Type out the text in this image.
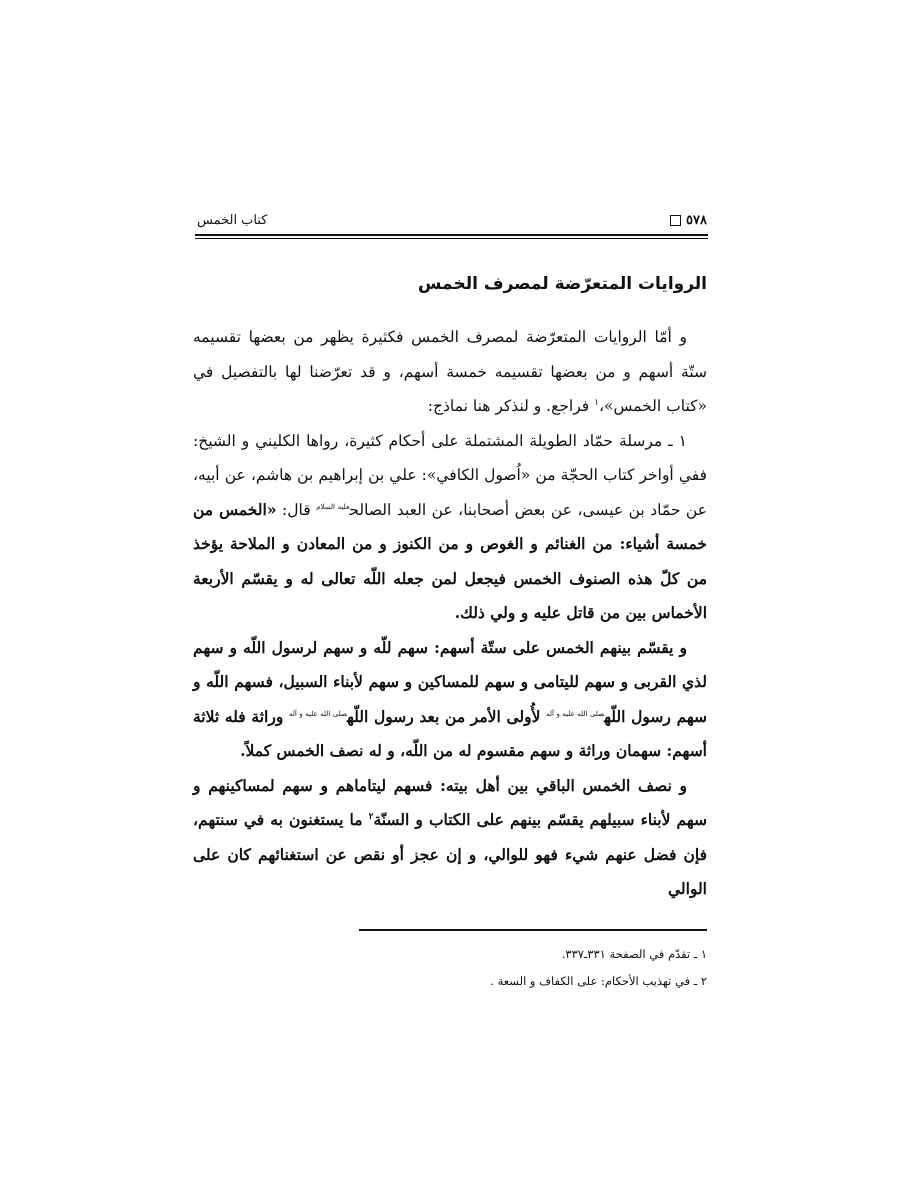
٥٧٨
كتاب الخمس
الروايات المتعرّضة لمصرف الخمس

و أمّا الروايات المتعرّضة لمصرف الخمس فكثيرة يظهر من بعضها تقسيمه ستّة أسهم و من بعضها تقسيمه خمسة أسهم، و قد تعرّضنا لها بالتفصيل في «كتاب الخمس»،$^١$ فراجع. و لنذكر هنا نماذج:

١ ـ مرسلة حمّاد الطويلة المشتملة على أحكام كثيرة، رواها الكليني و الشيخ: ففي أواخر كتاب الحجّة من «اُصول الكافي»: علي بن إبراهيم بن هاشم، عن أبيه، عن حمّاد بن عيسى، عن بعض أصحابنا، عن العبد الصالح$^{عليه السلام}$ قال: «الخمس من خمسة أشياء: من الغنائم و الغوص و من الكنوز و من المعادن و الملاحة يؤخذ من كلّ هذه الصنوف الخمس فيجعل لمن جعله اللّه تعالى له و يقسّم الأربعة الأخماس بين من قاتل عليه و ولي ذلك.

و يقسّم بينهم الخمس على ستّة أسهم: سهم للّه و سهم لرسول اللّه و سهم لذي القربى و سهم لليتامى و سهم للمساكين و سهم لأبناء السبيل، فسهم اللّه و سهم رسول اللّه$^{صلى الله عليه و آله}$ لأُولى الأمر من بعد رسول اللّه$^{صلى الله عليه و آله}$ وراثة فله ثلاثة أسهم: سهمان وراثة و سهم مقسوم له من اللّه، و له نصف الخمس كملاً.

و نصف الخمس الباقي بين أهل بيته: فسهم ليتاماهم و سهم لمساكينهم و سهم لأبناء سبيلهم يقسّم بينهم على الكتاب و السنّة$^٢$ ما يستغنون به في سنتهم، فإن فضل عنهم شيء فهو للوالي، و إن عجز أو نقص عن استغنائهم كان على الوالي

١ ـ تقدّم في الصفحة ٣٣١ـ٣٣٧.
٢ ـ في تهذيب الأحكام: على الكفاف و السعة .
